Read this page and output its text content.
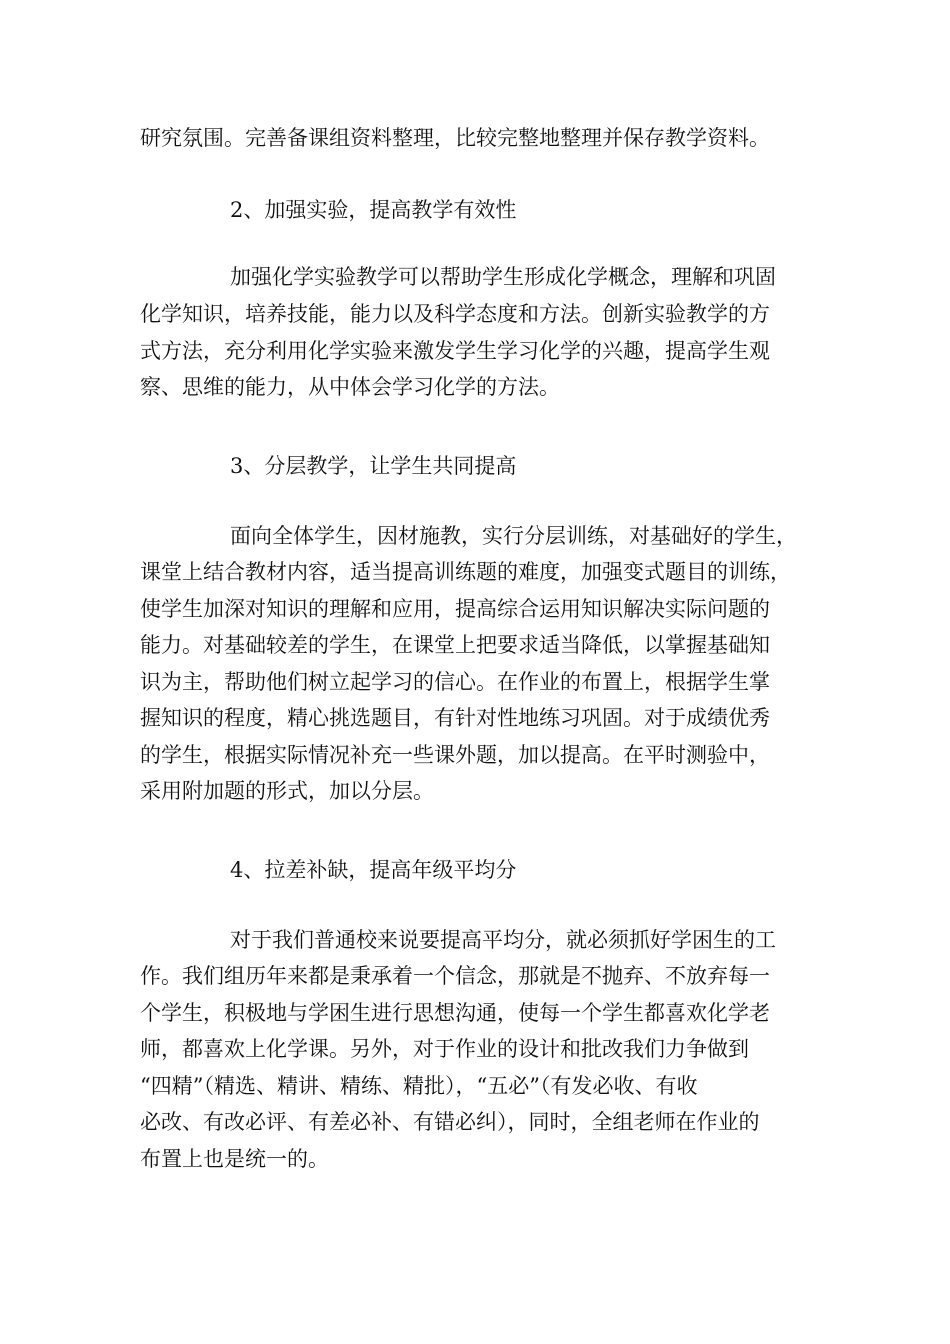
研究氛围。完善备课组资料整理，比较完整地整理并保存教学资料。
2、加强实验，提高教学有效性
加强化学实验教学可以帮助学生形成化学概念，理解和巩固
化学知识，培养技能，能力以及科学态度和方法。创新实验教学的方
式方法，充分利用化学实验来激发学生学习化学的兴趣，提高学生观
察、思维的能力，从中体会学习化学的方法。
3、分层教学，让学生共同提高
面向全体学生，因材施教，实行分层训练，对基础好的学生，
课堂上结合教材内容，适当提高训练题的难度，加强变式题目的训练，
使学生加深对知识的理解和应用，提高综合运用知识解决实际问题的
能力。对基础较差的学生，在课堂上把要求适当降低，以掌握基础知
识为主，帮助他们树立起学习的信心。在作业的布置上，根据学生掌
握知识的程度，精心挑选题目，有针对性地练习巩固。对于成绩优秀
的学生，根据实际情况补充一些课外题，加以提高。在平时测验中，
采用附加题的形式，加以分层。
4、拉差补缺，提高年级平均分
对于我们普通校来说要提高平均分，就必须抓好学困生的工
作。我们组历年来都是秉承着一个信念，那就是不抛弃、不放弃每一
个学生，积极地与学困生进行思想沟通，使每一个学生都喜欢化学老
师，都喜欢上化学课。另外，对于作业的设计和批改我们力争做到
“四精”（精选、精讲、精练、精批），“五必”（有发必收、有收
必改、有改必评、有差必补、有错必纠），同时，全组老师在作业的
布置上也是统一的。
